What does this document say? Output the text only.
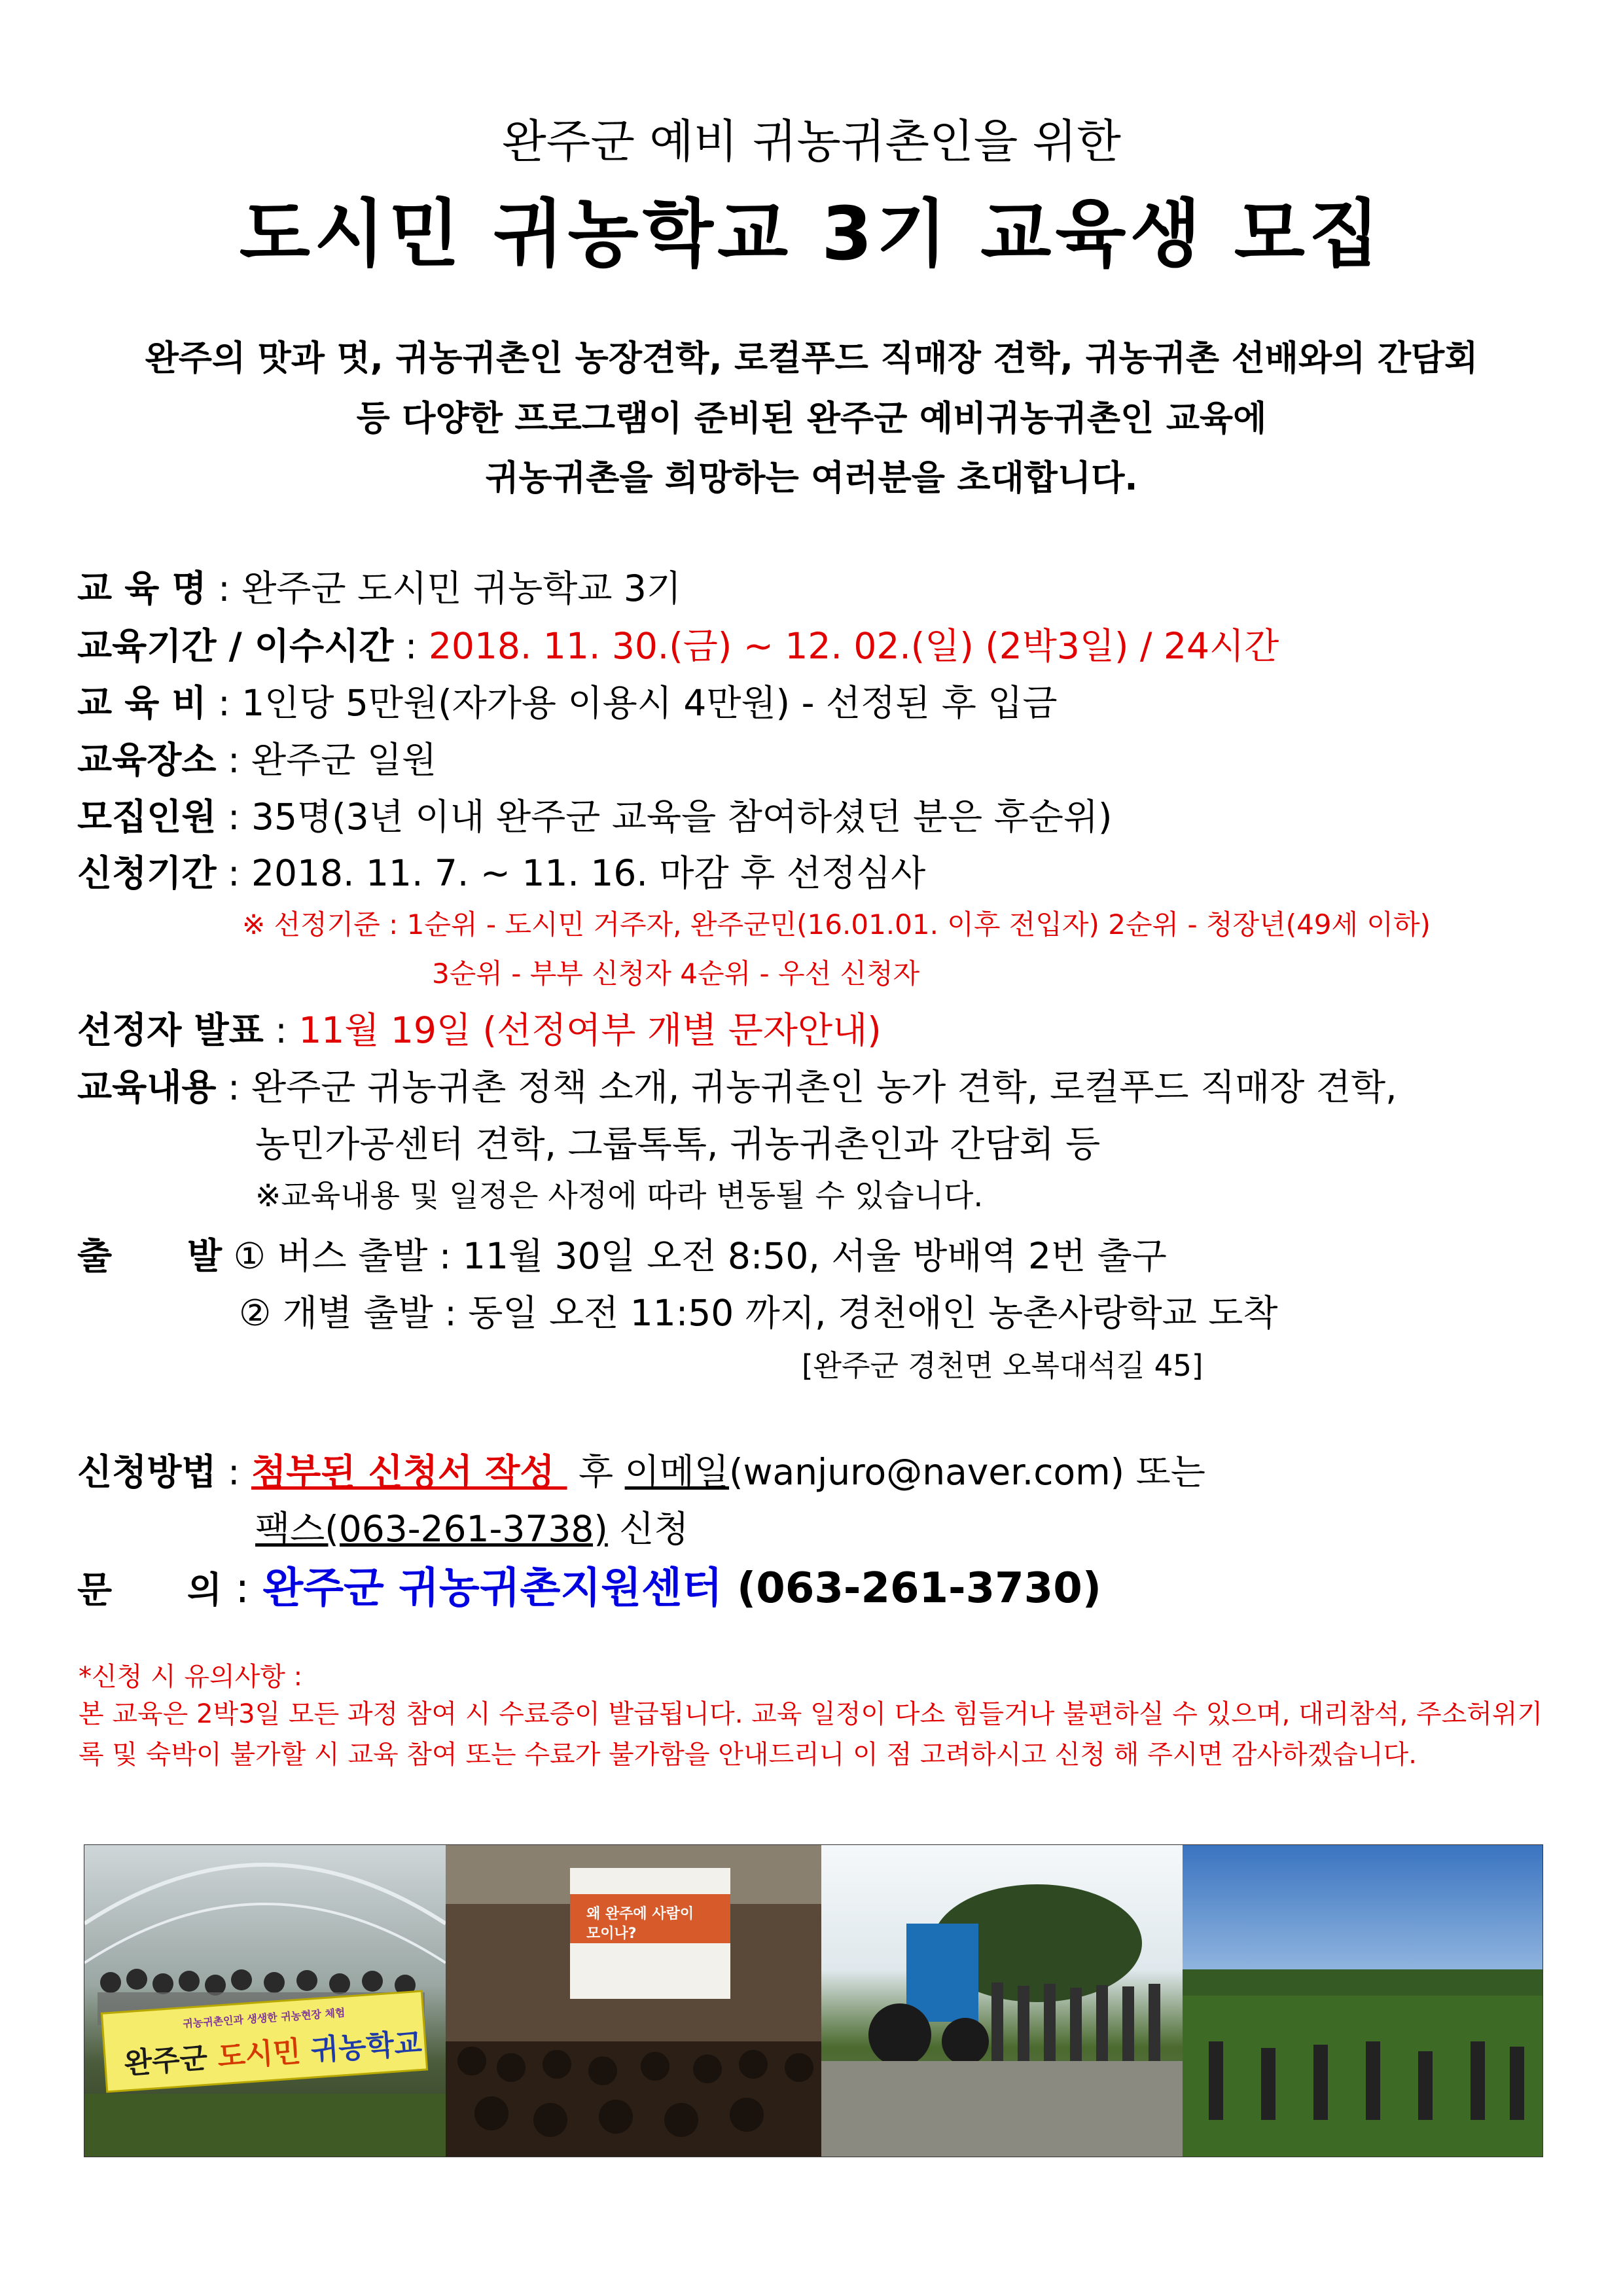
완주군 예비 귀농귀촌인을 위한
도시민 귀농학교 3기 교육생 모집
완주의 맛과 멋, 귀농귀촌인 농장견학, 로컬푸드 직매장 견학, 귀농귀촌 선배와의 간담회
등 다양한 프로그램이 준비된 완주군 예비귀농귀촌인 교육에
귀농귀촌을 희망하는 여러분을 초대합니다.
교 육 명 : 완주군 도시민 귀농학교 3기
교육기간 / 이수시간 : 2018. 11. 30.(금) ~ 12. 02.(일) (2박3일) / 24시간
교 육 비 : 1인당 5만원(자가용 이용시 4만원) - 선정된 후 입금
교육장소 : 완주군 일원
모집인원 : 35명(3년 이내 완주군 교육을 참여하셨던 분은 후순위)
신청기간 : 2018. 11. 7. ~ 11. 16. 마감 후 선정심사
※ 선정기준 : 1순위 - 도시민 거주자, 완주군민(16.01.01. 이후 전입자) 2순위 - 청장년(49세 이하)
3순위 - 부부 신청자 4순위 - 우선 신청자
선정자 발표 : 11월 19일 (선정여부 개별 문자안내)
교육내용 : 완주군 귀농귀촌 정책 소개, 귀농귀촌인 농가 견학, 로컬푸드 직매장 견학,
농민가공센터 견학, 그룹톡톡, 귀농귀촌인과 간담회 등
※교육내용 및 일정은 사정에 따라 변동될 수 있습니다.
출      발 ① 버스 출발 : 11월 30일 오전 8:50, 서울 방배역 2번 출구
② 개별 출발 : 동일 오전 11:50 까지, 경천애인 농촌사랑학교 도착
[완주군 경천면 오복대석길 45]
신청방법 : 첨부된 신청서 작성  후 이메일(wanjuro@naver.com) 또는
팩스(063-261-3738) 신청
문      의 : 완주군 귀농귀촌지원센터 (063-261-3730)
*신청 시 유의사항 :
본 교육은 2박3일 모든 과정 참여 시 수료증이 발급됩니다. 교육 일정이 다소 힘들거나 불편하실 수 있으며, 대리참석, 주소허위기록 및 숙박이 불가할 시 교육 참여 또는 수료가 불가함을 안내드리니 이 점 고려하시고 신청 해 주시면 감사하겠습니다.
귀농귀촌인과 생생한 귀농현장 체험
완주군 도시민 귀농학교
왜 완주에 사람이
모이나?
